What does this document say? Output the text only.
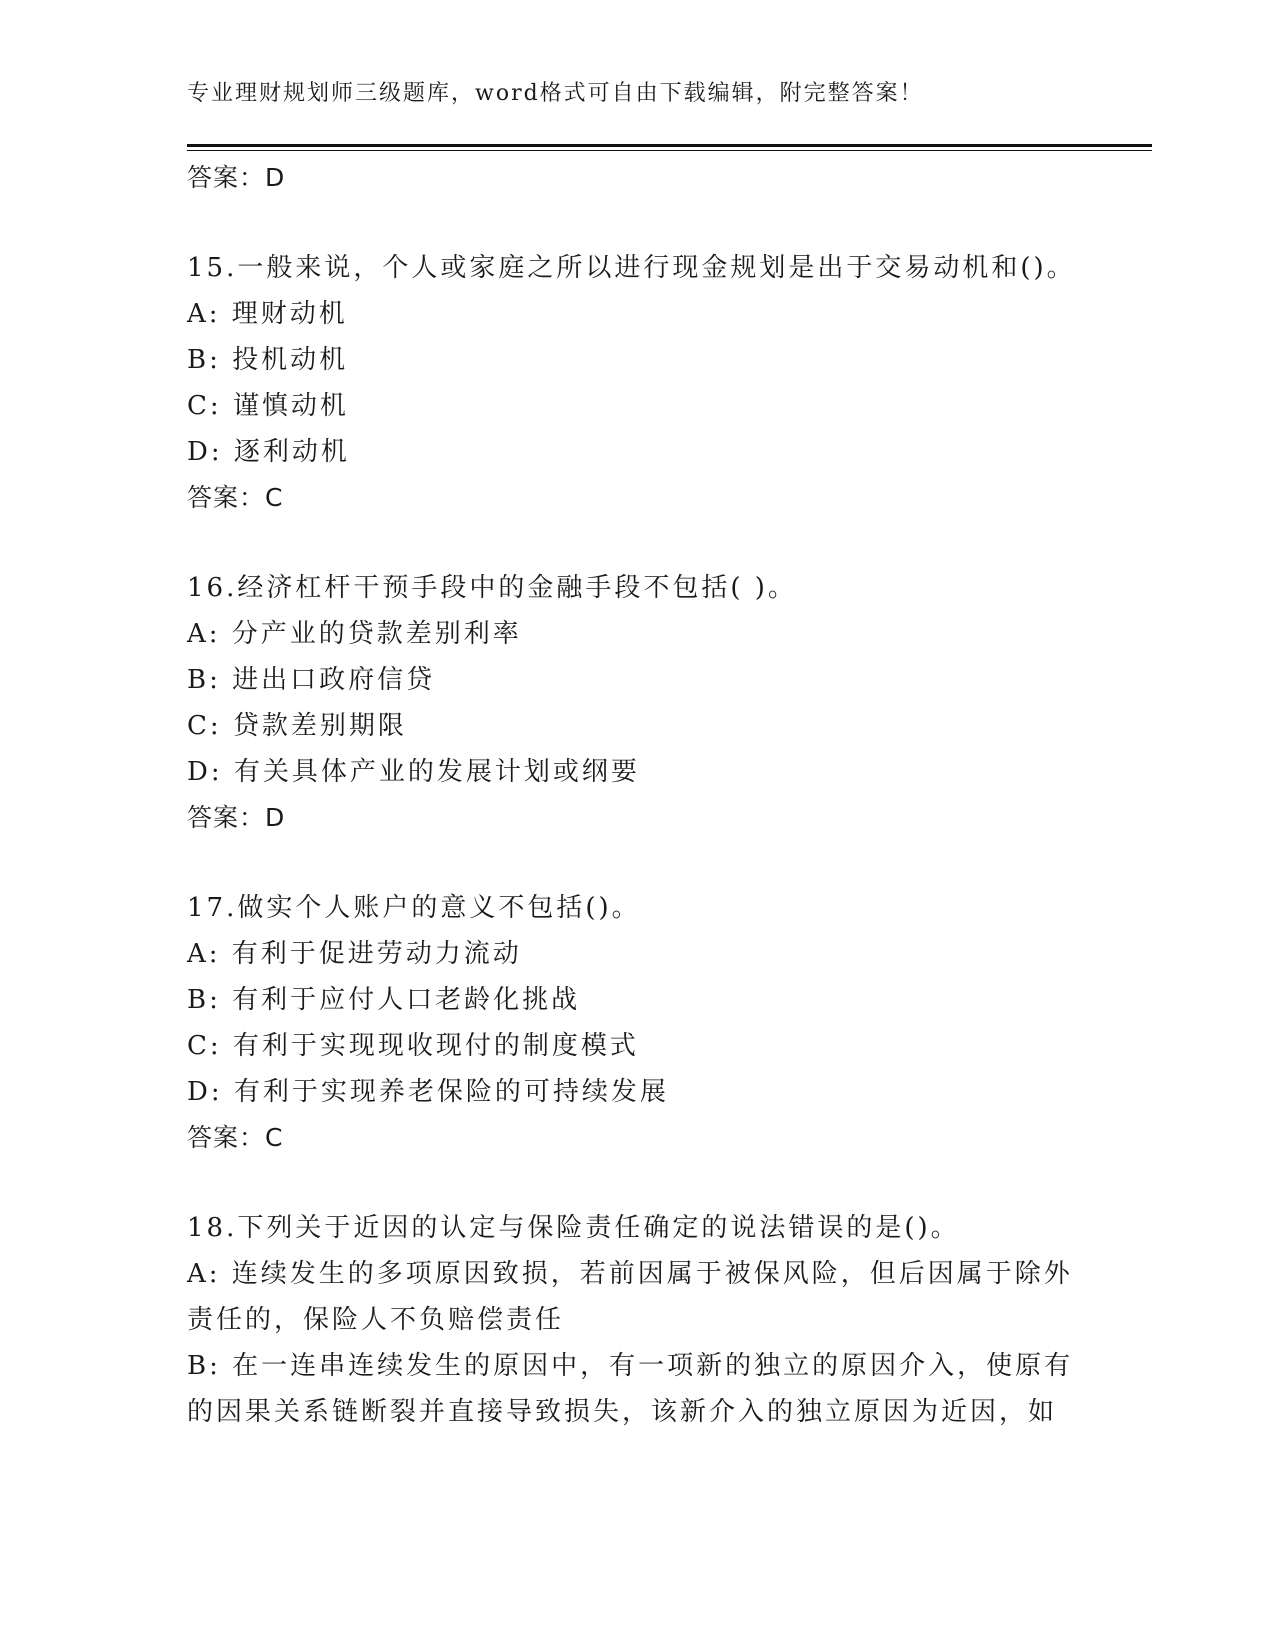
专业理财规划师三级题库，word格式可自由下载编辑，附完整答案！
答案：D
15.一般来说，个人或家庭之所以进行现金规划是出于交易动机和()。
A: 理财动机
B: 投机动机
C: 谨慎动机
D: 逐利动机
答案：C
16.经济杠杆干预手段中的金融手段不包括( )。
A: 分产业的贷款差别利率
B: 进出口政府信贷
C: 贷款差别期限
D: 有关具体产业的发展计划或纲要
答案：D
17.做实个人账户的意义不包括()。
A: 有利于促进劳动力流动
B: 有利于应付人口老龄化挑战
C: 有利于实现现收现付的制度模式
D: 有利于实现养老保险的可持续发展
答案：C
18.下列关于近因的认定与保险责任确定的说法错误的是()。
A: 连续发生的多项原因致损，若前因属于被保风险，但后因属于除外
责任的，保险人不负赔偿责任
B: 在一连串连续发生的原因中，有一项新的独立的原因介入，使原有
的因果关系链断裂并直接导致损失，该新介入的独立原因为近因，如
